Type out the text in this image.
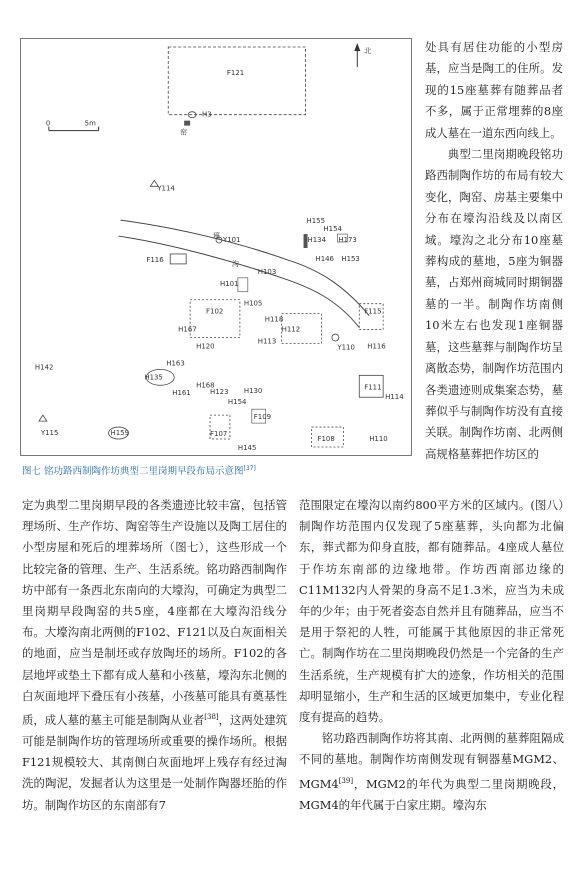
北
F121
0	5m
H3
窑
壕
沟
Y114
F116
Y101
H155
H154
H134 H173
H146 H153
H103
H101
F102
H105
H167
H120
H118
H113
H112
F115
Y110 H116
H142
H135
H163
H168
H161	H123 H130
H154
F109
F111
H114
Y115	H159	F107
H145
F108	H110
图七 铭功路西制陶作坊典型二里岗期早段布局示意图[37]

处具有居住功能的小型房基，应当是陶工的住所。发现的15座墓葬有随葬品者不多，属于正常埋葬的8座成人墓在一道东西向线上。

典型二里岗期晚段铭功路西制陶作坊的布局有较大变化，陶窑、房基主要集中分布在壕沟沿线及以南区域。壕沟之北分布10座墓葬构成的墓地，5座为铜器墓，占郑州商城同时期铜器墓的一半。制陶作坊南侧10米左右也发现1座铜器墓，这些墓葬与制陶作坊呈离散态势，制陶作坊范围内各类遗迹则成集案态势，墓葬似乎与制陶作坊没有直接关联。制陶作坊南、北两侧高规格墓葬把作坊区的

定为典型二里岗期早段的各类遗迹比较丰富，包括管理场所、生产作坊、陶窑等生产设施以及陶工居住的小型房屋和死后的埋葬场所（图七），这些形成一个比较完备的管理、生产、生活系统。铭功路西制陶作坊中部有一条西北东南向的大壕沟，可确定为典型二里岗期早段陶窑的共5座，4座都在大壕沟沿线分布。大壕沟南北两侧的F102、F121以及白灰面相关的地面，应当是制坯或存放陶坯的场所。F102的各层地坪或垫土下都有成人墓和小孩墓，壕沟东北侧的白灰面地坪下叠压有小孩墓，小孩墓可能具有奠基性质，成人墓的墓主可能是制陶从业者[38]，这两处建筑可能是制陶作坊的管理场所或重要的操作场所。根据F121规模较大、其南侧白灰面地坪上残存有经过淘洗的陶泥，发掘者认为这里是一处制作陶器坯胎的作坊。制陶作坊区的东南部有7

范围限定在壕沟以南约800平方米的区域内。(图八）制陶作坊范围内仅发现了5座墓葬，头向都为北偏东，葬式都为仰身直肢，都有随葬品。4座成人墓位于作坊东南部的边缘地带。作坊西南部边缘的C11M132内人骨架的身高不足1.3米，应当为未成年的少年；由于死者姿态自然并且有随葬品，应当不是用于祭祀的人牲，可能属于其他原因的非正常死亡。制陶作坊在二里岗期晚段仍然是一个完备的生产生活系统，生产规模有扩大的迹象，作坊相关的范围却明显缩小，生产和生活的区域更加集中，专业化程度有提高的趋势。

铭功路西制陶作坊将其南、北两侧的墓葬阻隔成不同的墓地。制陶作坊南侧发现有铜器墓MGM2、MGM4[39]，MGM2的年代为典型二里岗期晚段，MGM4的年代属于白家庄期。壕沟东
